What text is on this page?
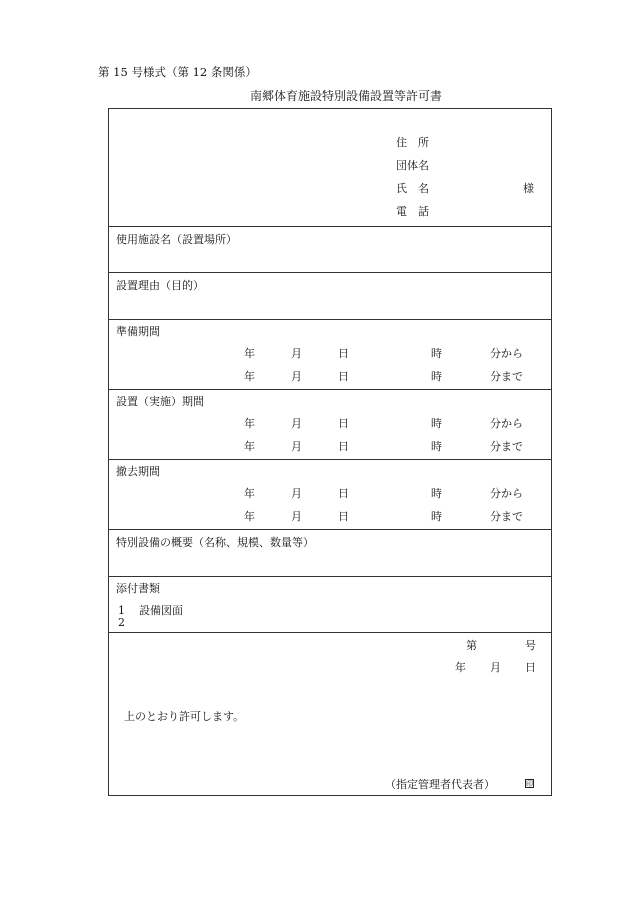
第 15 号様式（第 12 条関係）
南郷体育施設特別設備設置等許可書
住　所
団体名
氏　名	様
電　話
使用施設名（設置場所）
設置理由（目的）
準備期間
年	月	日	時	分から
年	月	日	時	分まで
設置（実施）期間
年	月	日	時	分から
年	月	日	時	分まで
撤去期間
年	月	日	時	分から
年	月	日	時	分まで
特別設備の概要（名称、規模、数量等）
添付書類
1 設備図面
2
第	号
年 月 日
上のとおり許可します。
（指定管理者代表者）	印
